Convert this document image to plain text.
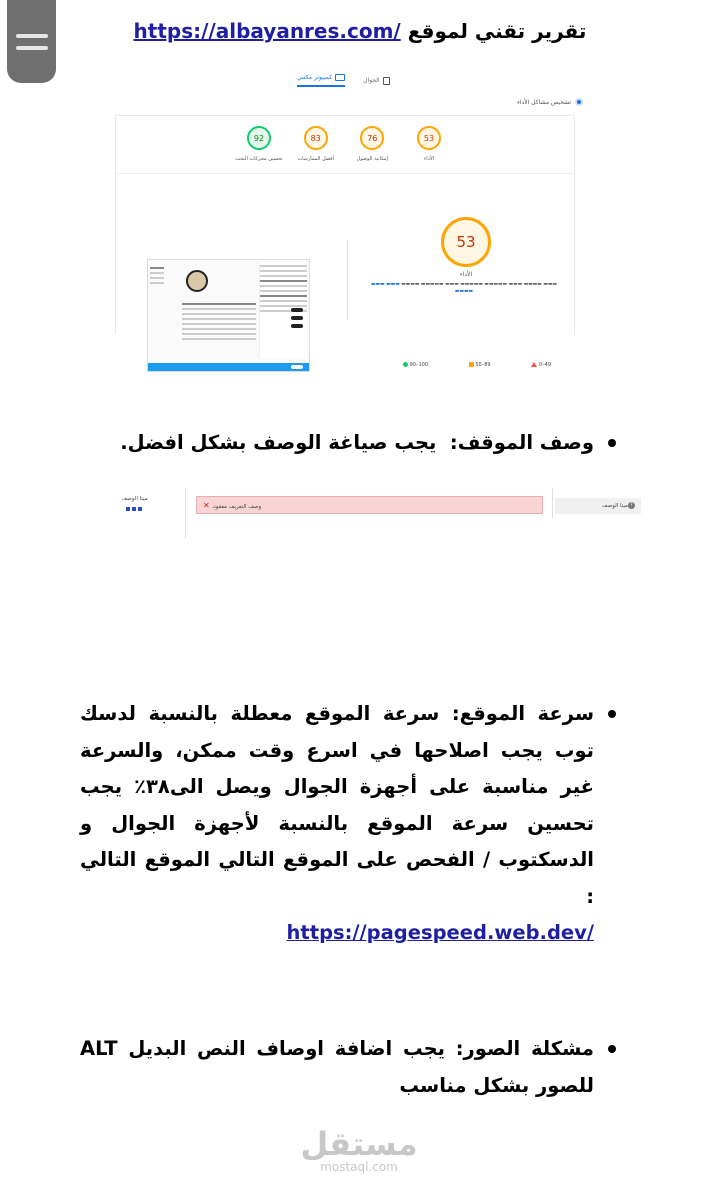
تقرير تقني لموقع https://albayanres.com/
الجوال
كمبيوتر مكتبي
تشخيص مشاكل الأداء
92
تحسين محركات البحث
83
أفضل الممارسات
76
إمكانية الوصول
53
الأداء
53
الأداء
▬▬▬ ▬▬▬▬ ▬▬▬ ▬▬▬▬▬ ▬▬▬▬▬ ▬▬▬ ▬▬▬▬▬ ▬▬▬▬ ▬▬▬ ▬▬▬
▬▬▬▬
90–100	50–89	0–49
وصف الموقف:  يجب صياغة الوصف بشكل افضل.
ميتا الوصف
وصف التعريف مفقود. ✕	?ميتا الوصف
سرعة الموقع: سرعة الموقع معطلة بالنسبة لدسك توب يجب اصلاحها في اسرع وقت ممكن، والسرعة غير مناسبة على أجهزة الجوال ويصل الى٣٨٪ يجب تحسين سرعة الموقع بالنسبة لأجهزة الجوال و الدسكتوب / الفحص على الموقع التالي الموقع التالي :
https://pagespeed.web.dev/
مشكلة الصور: يجب اضافة اوصاف النص البديل ALT للصور بشكل مناسب
مستقل
mostaql.com
